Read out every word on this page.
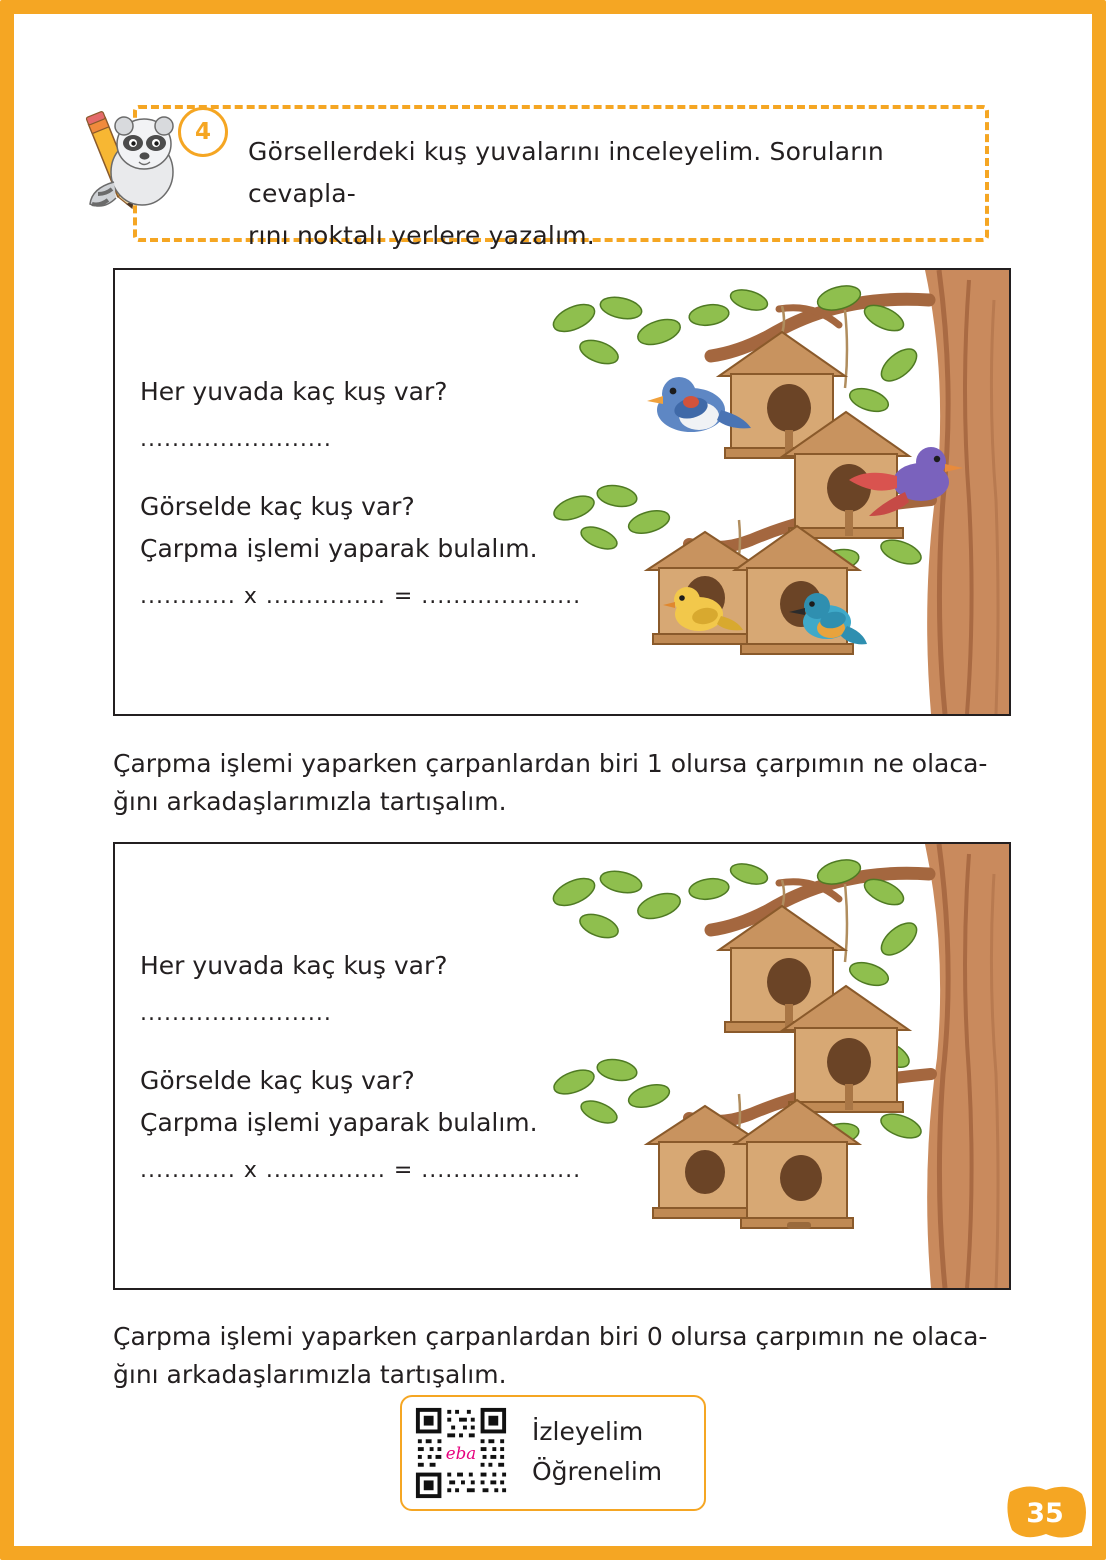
4
Görsellerdeki kuş yuvalarını inceleyelim. Soruların cevapla-
rını noktalı yerlere yazalım.
Her yuvada kaç kuş var?
........................
Görselde kaç kuş var?
Çarpma işlemi yaparak bulalım.
............ x ............... = ....................
Çarpma işlemi yaparken çarpanlardan biri 1 olursa çarpımın ne olaca-
ğını arkadaşlarımızla tartışalım.
Her yuvada kaç kuş var?
........................
Görselde kaç kuş var?
Çarpma işlemi yaparak bulalım.
............ x ............... = ....................
Çarpma işlemi yaparken çarpanlardan biri 0 olursa çarpımın ne olaca-
ğını arkadaşlarımızla tartışalım.
eba
İzleyelim
Öğrenelim
35
